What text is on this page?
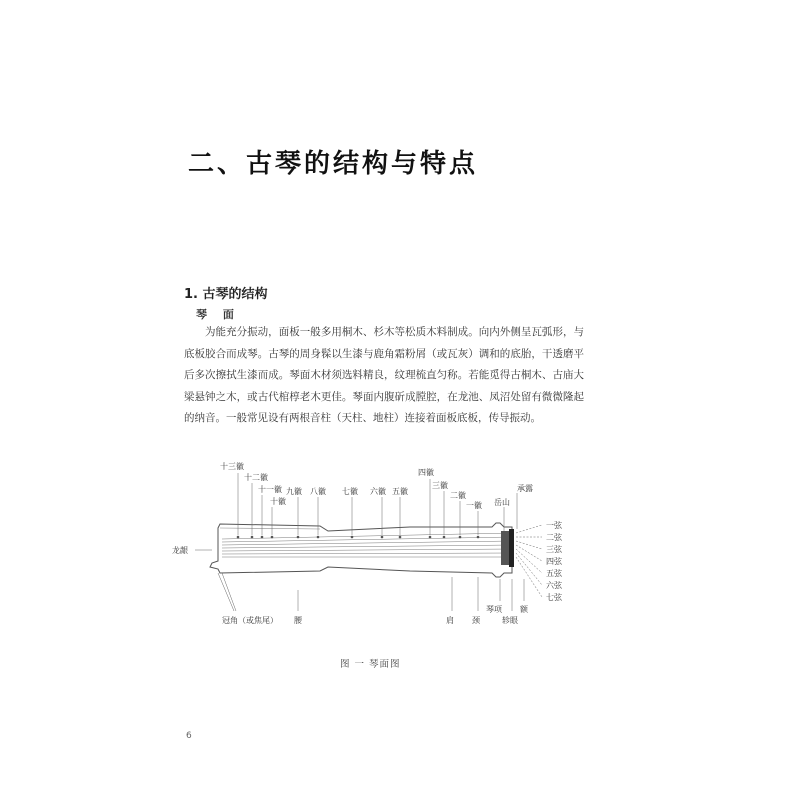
二、古琴的结构与特点
1. 古琴的结构
琴 面

为能充分振动，面板一般多用桐木、杉木等松质木料制成。向内外侧呈瓦弧形，与底板胶合而成琴。古琴的周身髹以生漆与鹿角霜粉屑（或瓦灰）调和的底胎，干透磨平后多次擦拭生漆而成。琴面木材须选料精良，纹理梳直匀称。若能觅得古桐木、古庙大梁悬钟之木，或古代棺椁老木更佳。琴面内腹斫成膛腔，在龙池、凤沼处留有微微隆起的纳音。一般常见设有两根音柱（天柱、地柱）连接着面板底板，传导振动。

十三徽
十二徽
十一徽
十徽
九徽 八徽 七徽 六徽 五徽
四徽
三徽
二徽
一徽 岳山
承露
龙龈
冠角（或焦尾） 腰	肩 颈
琴项
轸眼
额
一弦
二弦
三弦
四弦
五弦
六弦
七弦
图 一 琴面图
6
